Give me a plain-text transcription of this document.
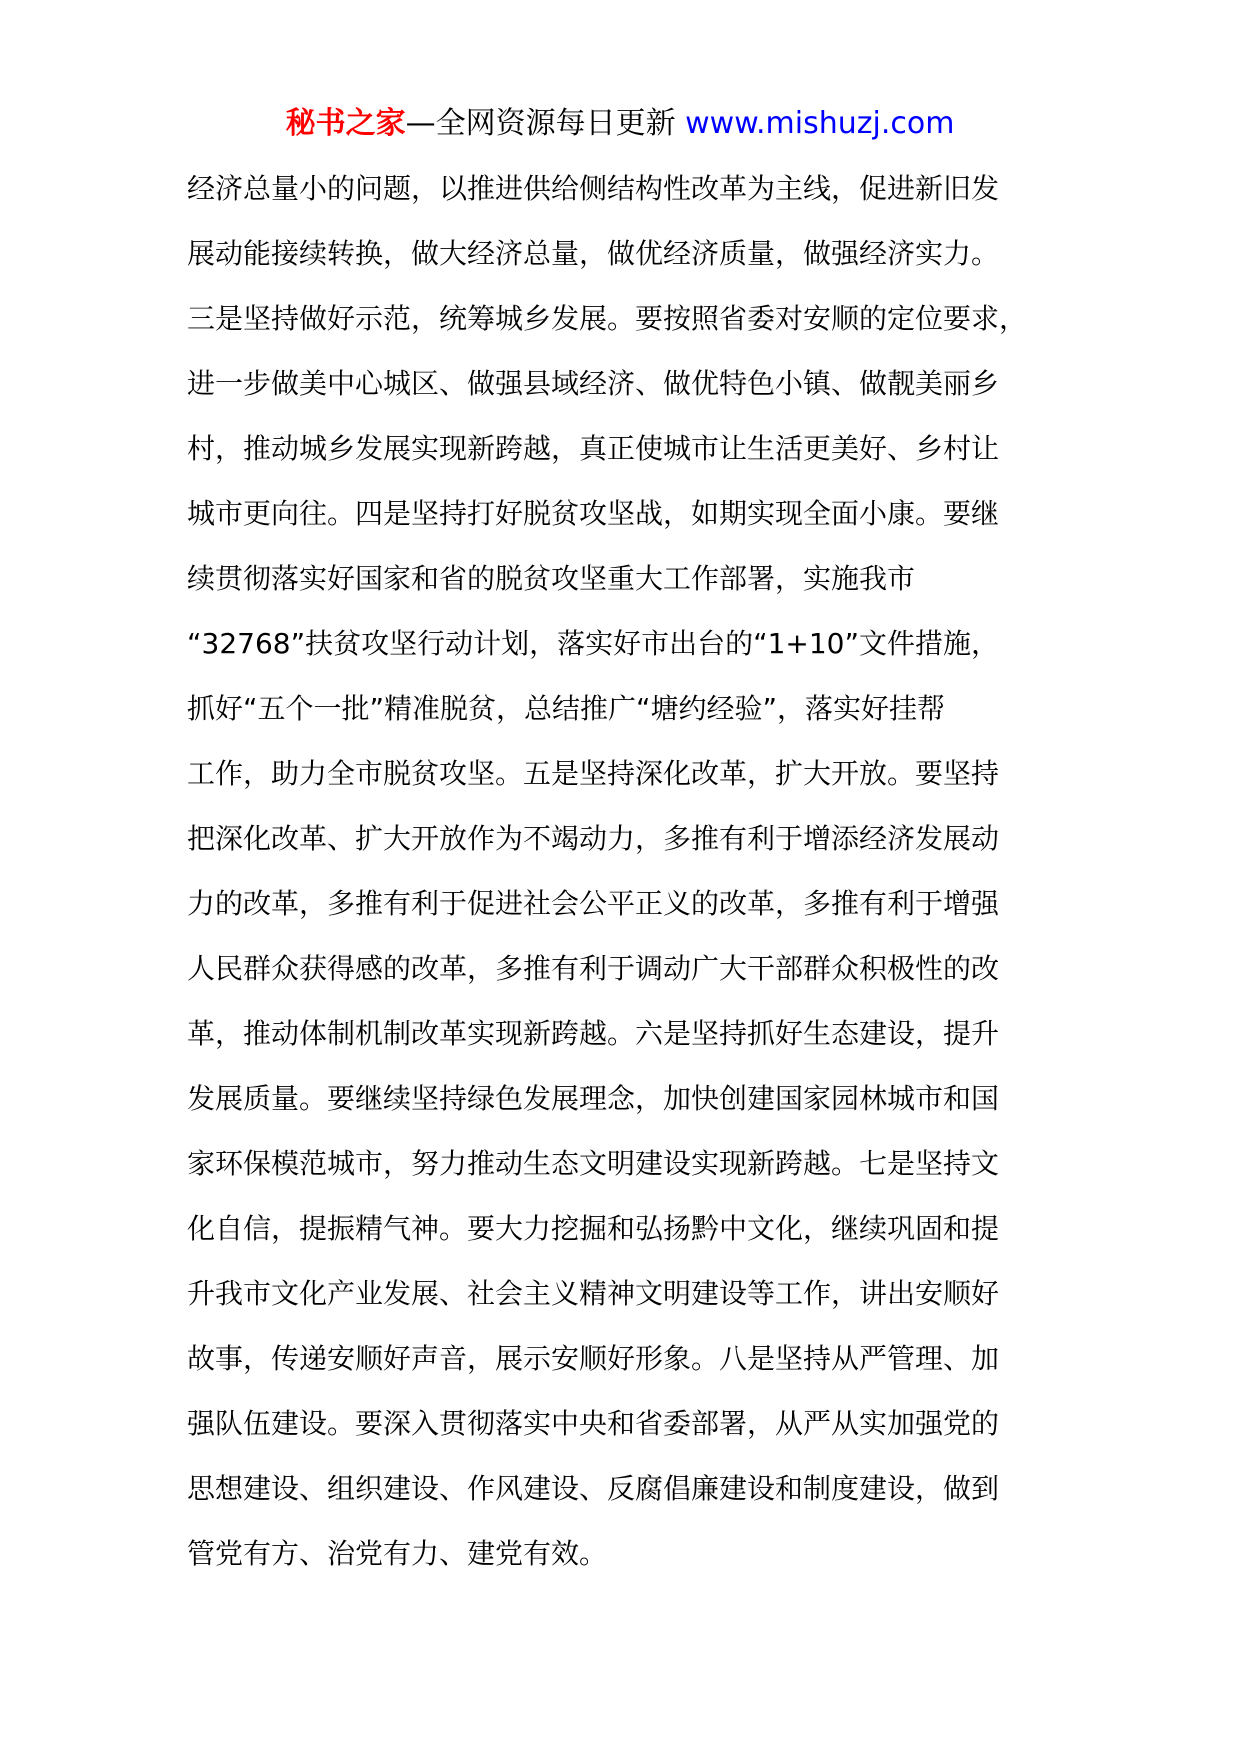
秘书之家—全网资源每日更新 www.mishuzj.com
经济总量小的问题，以推进供给侧结构性改革为主线，促进新旧发
展动能接续转换，做大经济总量，做优经济质量，做强经济实力。
三是坚持做好示范，统筹城乡发展。要按照省委对安顺的定位要求，
进一步做美中心城区、做强县域经济、做优特色小镇、做靓美丽乡
村，推动城乡发展实现新跨越，真正使城市让生活更美好、乡村让
城市更向往。四是坚持打好脱贫攻坚战，如期实现全面小康。要继
续贯彻落实好国家和省的脱贫攻坚重大工作部署，实施我市
“32768”扶贫攻坚行动计划，落实好市出台的“1+10”文件措施，
抓好“五个一批”精准脱贫，总结推广“塘约经验”，落实好挂帮
工作，助力全市脱贫攻坚。五是坚持深化改革，扩大开放。要坚持
把深化改革、扩大开放作为不竭动力，多推有利于增添经济发展动
力的改革，多推有利于促进社会公平正义的改革，多推有利于增强
人民群众获得感的改革，多推有利于调动广大干部群众积极性的改
革，推动体制机制改革实现新跨越。六是坚持抓好生态建设，提升
发展质量。要继续坚持绿色发展理念，加快创建国家园林城市和国
家环保模范城市，努力推动生态文明建设实现新跨越。七是坚持文
化自信，提振精气神。要大力挖掘和弘扬黔中文化，继续巩固和提
升我市文化产业发展、社会主义精神文明建设等工作，讲出安顺好
故事，传递安顺好声音，展示安顺好形象。八是坚持从严管理、加
强队伍建设。要深入贯彻落实中央和省委部署，从严从实加强党的
思想建设、组织建设、作风建设、反腐倡廉建设和制度建设，做到
管党有方、治党有力、建党有效。
